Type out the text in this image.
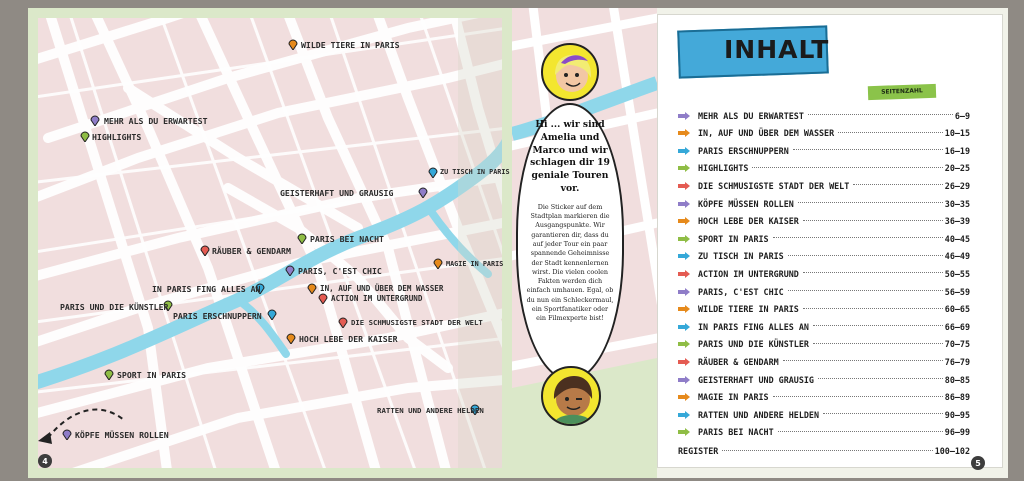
4
WILDE TIERE IN PARIS
MEHR ALS DU ERWARTEST
HIGHLIGHTS
ZU TISCH IN PARIS
GEISTERHAFT UND GRAUSIG
PARIS BEI NACHT
RÄUBER & GENDARM
MAGIE IN PARIS
PARIS, C'EST CHIC
IN PARIS FING ALLES AN	IN, AUF UND ÜBER DEM WASSER
ACTION IM UNTERGRUND
PARIS UND DIE KÜNSTLER
PARIS ERSCHNUPPERN
DIE SCHMUSIGSTE STADT DER WELT
HOCH LEBE DER KAISER
SPORT IN PARIS
RATTEN UND ANDERE HELDEN
KÖPFE MÜSSEN ROLLEN
Hi ... wir sind Amelia und Marco und wir schlagen dir 19 geniale Touren vor.
Die Sticker auf dem Stadtplan markieren die Ausgangspunkte. Wir garantieren dir, dass du auf jeder Tour ein paar spannende Geheimnisse der Stadt kennenlernen wirst. Die vielen coolen Fakten werden dich einfach umhauen. Egal, ob du nun ein Schleckermaul, ein Sportfanatiker oder ein Filmexperte bist!
INHALT
SEITENZAHL
MEHR ALS DU ERWARTEST	6–9
IN, AUF UND ÜBER DEM WASSER	10–15
PARIS ERSCHNUPPERN	16–19
HIGHLIGHTS	20–25
DIE SCHMUSIGSTE STADT DER WELT	26–29
KÖPFE MÜSSEN ROLLEN	30–35
HOCH LEBE DER KAISER	36–39
SPORT IN PARIS	40–45
ZU TISCH IN PARIS	46–49
ACTION IM UNTERGRUND	50–55
PARIS, C'EST CHIC	56–59
WILDE TIERE IN PARIS	60–65
IN PARIS FING ALLES AN	66–69
PARIS UND DIE KÜNSTLER	70–75
RÄUBER & GENDARM	76–79
GEISTERHAFT UND GRAUSIG	80–85
MAGIE IN PARIS	86–89
RATTEN UND ANDERE HELDEN	90–95
PARIS BEI NACHT	96–99
REGISTER	100–102
5
